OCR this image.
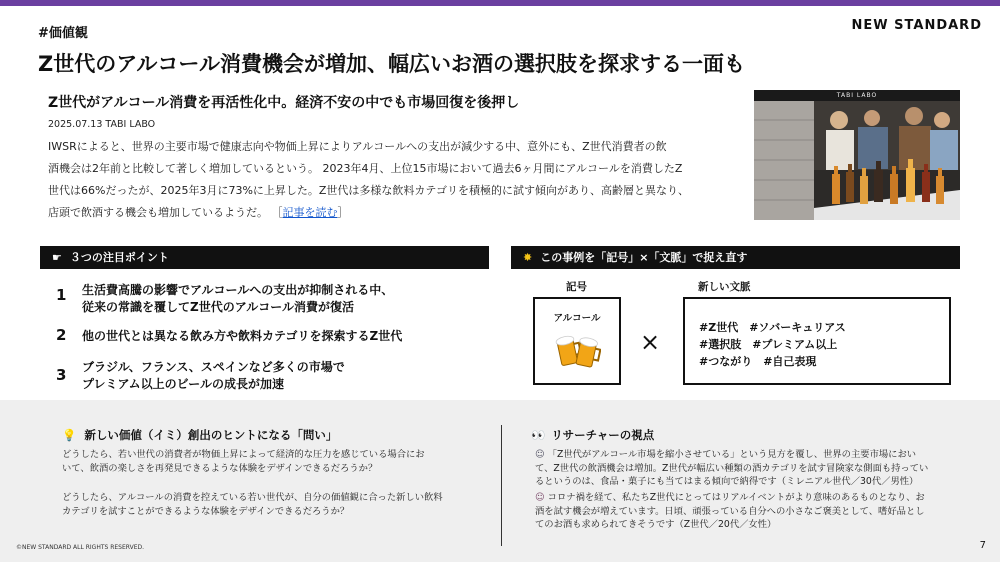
#価値観
NEW STANDARD
Z世代のアルコール消費機会が増加、幅広いお酒の選択肢を探求する一面も
Z世代がアルコール消費を再活性化中。経済不安の中でも市場回復を後押し
2025.07.13 TABI LABO
IWSRによると、世界の主要市場で健康志向や物価上昇によりアルコールへの支出が減少する中、意外にも、Z世代消費者の飲
酒機会は2年前と比較して著しく増加しているという。 2023年4月、上位15市場において過去6ヶ月間にアルコールを消費したZ
世代は66%だったが、2025年3月に73%に上昇した。Z世代は多様な飲料カテゴリを積極的に試す傾向があり、高齢層と異なり、
店頭で飲酒する機会も増加しているようだ。 ［記事を読む］
TABI LABO
☛ ３つの注目ポイント	✸ この事例を「記号」×「文脈」で捉え直す
1 生活費高騰の影響でアルコールへの支出が抑制される中、
従来の常識を覆してZ世代のアルコール消費が復活
2 他の世代とは異なる飲み方や飲料カテゴリを探索するZ世代
3 ブラジル、フランス、スペインなど多くの市場で
プレミアム以上のビールの成長が加速
記号	新しい文脈
アルコール
×
#Z世代　#ソバーキュリアス
#選択肢　#プレミアム以上
#つながり　#自己表現
💡 新しい価値（イミ）創出のヒントになる「問い」
どうしたら、若い世代の消費者が物価上昇によって経済的な圧力を感じている場合にお
いて、飲酒の楽しさを再発見できるような体験をデザインできるだろうか？
どうしたら、アルコールの消費を控えている若い世代が、自分の価値観に合った新しい飲料
カテゴリを試すことができるような体験をデザインできるだろうか？
👀 リサーチャーの視点
☺ 「Z世代がアルコール市場を縮小させている」という見方を覆し、世界の主要市場におい
て、Z世代の飲酒機会は増加。Z世代が幅広い種類の酒カテゴリを試す冒険家な側面も持ってい
るというのは、食品・菓子にも当てはまる傾向で納得です（ミレニアル世代／30代／男性）
☺ コロナ禍を経て、私たちZ世代にとってはリアルイベントがより意味のあるものとなり、お
酒を試す機会が増えています。日頃、頑張っている自分への小さなご褒美として、嗜好品とし
てのお酒も求められてきそうです（Z世代／20代／女性）
©NEW STANDARD ALL RIGHTS RESERVED.	7
